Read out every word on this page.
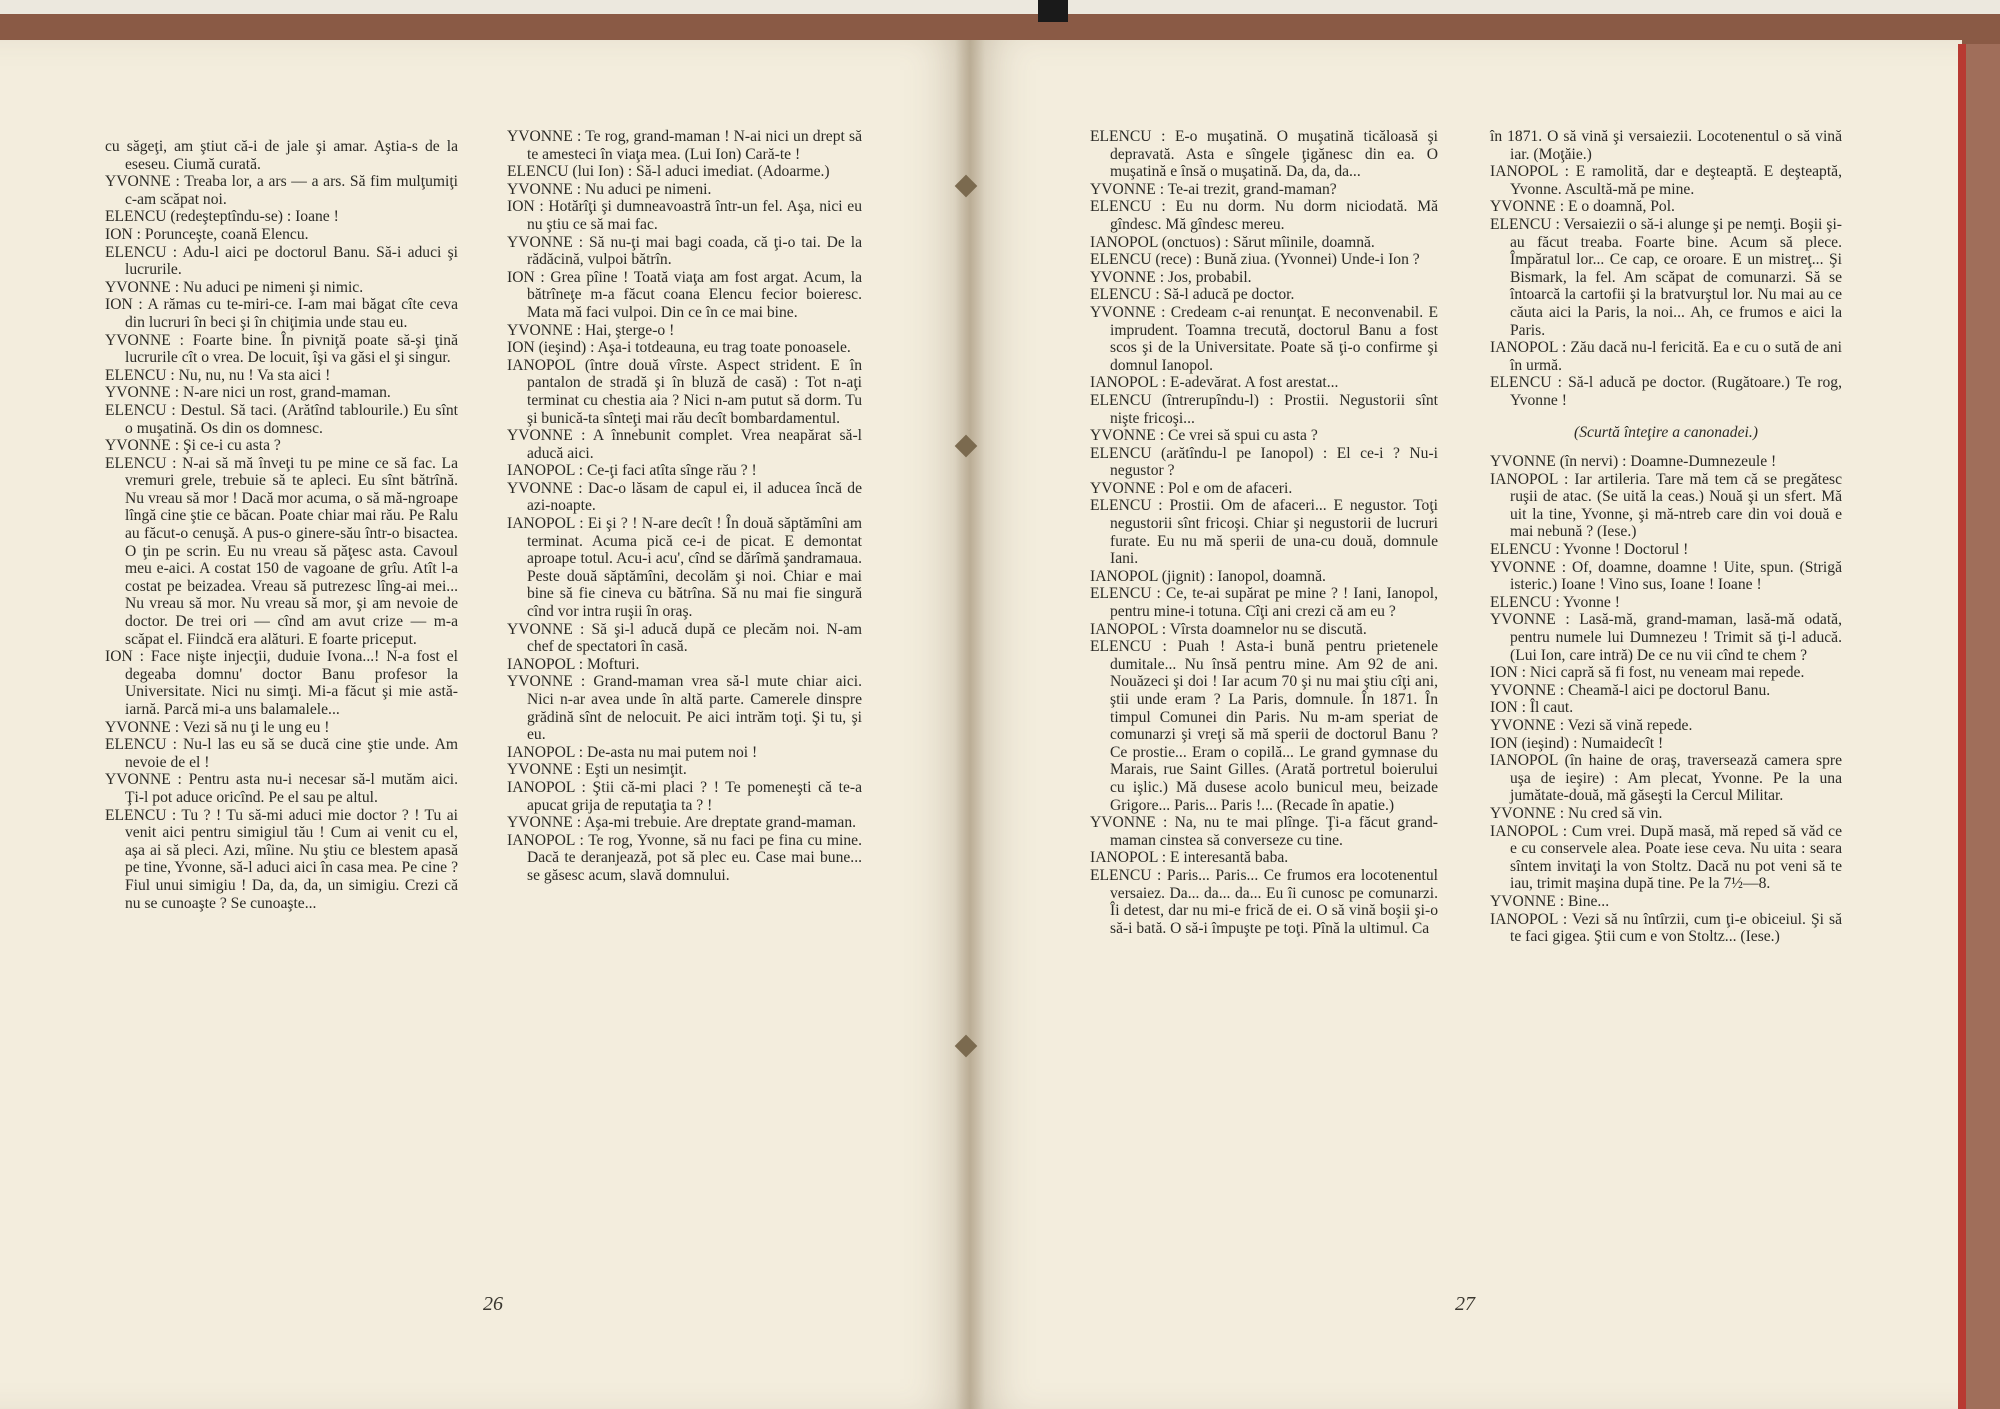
cu săgeţi, am ştiut că-i de jale şi amar. Aştia-s de la eseseu. Ciumă curată.

YVONNE : Treaba lor, a ars — a ars. Să fim mulţumiţi c-am scăpat noi.

ELENCU (redeşteptîndu-se) : Ioane !

ION : Porunceşte, coană Elencu.

ELENCU : Adu-l aici pe doctorul Banu. Să-i aduci şi lucrurile.

YVONNE : Nu aduci pe nimeni şi nimic.

ION : A rămas cu te-miri-ce. I-am mai băgat cîte ceva din lucruri în beci şi în chiţimia unde stau eu.

YVONNE : Foarte bine. În pivniţă poate să-şi ţină lucrurile cît o vrea. De locuit, îşi va găsi el şi singur.

ELENCU : Nu, nu, nu ! Va sta aici !

YVONNE : N-are nici un rost, grand-maman.

ELENCU : Destul. Să taci. (Arătînd tablourile.) Eu sînt o muşatină. Os din os domnesc.

YVONNE : Şi ce-i cu asta ?

ELENCU : N-ai să mă înveţi tu pe mine ce să fac. La vremuri grele, trebuie să te apleci. Eu sînt bătrînă. Nu vreau să mor ! Dacă mor acuma, o să mă-ngroape lîngă cine ştie ce băcan. Poate chiar mai rău. Pe Ralu au făcut-o cenuşă. A pus-o ginere-său într-o bisactea. O ţin pe scrin. Eu nu vreau să păţesc asta. Cavoul meu e-aici. A costat 150 de vagoane de grîu. Atît l-a costat pe beizadea. Vreau să putrezesc lîng-ai mei... Nu vreau să mor. Nu vreau să mor, şi am nevoie de doctor. De trei ori — cînd am avut crize — m-a scăpat el. Fiindcă era alături. E foarte priceput.

ION : Face nişte injecţii, duduie Ivona...! N-a fost el degeaba domnu' doctor Banu profesor la Universitate. Nici nu simţi. Mi-a făcut şi mie astă-iarnă. Parcă mi-a uns balamalele...

YVONNE : Vezi să nu ţi le ung eu !

ELENCU : Nu-l las eu să se ducă cine ştie unde. Am nevoie de el !

YVONNE : Pentru asta nu-i necesar să-l mutăm aici. Ţi-l pot aduce oricînd. Pe el sau pe altul.

ELENCU : Tu ? ! Tu să-mi aduci mie doctor ? ! Tu ai venit aici pentru simigiul tău ! Cum ai venit cu el, aşa ai să pleci. Azi, mîine. Nu ştiu ce blestem apasă pe tine, Yvonne, să-l aduci aici în casa mea. Pe cine ? Fiul unui simigiu ! Da, da, da, un simigiu. Crezi că nu se cunoaşte ? Se cunoaşte...

YVONNE : Te rog, grand-maman ! N-ai nici un drept să te amesteci în viaţa mea. (Lui Ion) Cară-te !

ELENCU (lui Ion) : Să-l aduci imediat. (Adoarme.)

YVONNE : Nu aduci pe nimeni.

ION : Hotărîţi şi dumneavoastră într-un fel. Aşa, nici eu nu ştiu ce să mai fac.

YVONNE : Să nu-ţi mai bagi coada, că ţi-o tai. De la rădăcină, vulpoi bătrîn.

ION : Grea pîine ! Toată viaţa am fost argat. Acum, la bătrîneţe m-a făcut coana Elencu fecior boieresc. Mata mă faci vulpoi. Din ce în ce mai bine.

YVONNE : Hai, şterge-o !

ION (ieşind) : Aşa-i totdeauna, eu trag toate ponoasele.

IANOPOL (între două vîrste. Aspect strident. E în pantalon de stradă şi în bluză de casă) : Tot n-aţi terminat cu chestia aia ? Nici n-am putut să dorm. Tu şi bunică-ta sînteţi mai rău decît bombardamentul.

YVONNE : A înnebunit complet. Vrea neapărat să-l aducă aici.

IANOPOL : Ce-ţi faci atîta sînge rău ? !

YVONNE : Dac-o lăsam de capul ei, il aducea încă de azi-noapte.

IANOPOL : Ei şi ? ! N-are decît ! În două săptămîni am terminat. Acuma pică ce-i de picat. E demontat aproape totul. Acu-i acu', cînd se dărîmă şandramaua. Peste două săptămîni, decolăm şi noi. Chiar e mai bine să fie cineva cu bătrîna. Să nu mai fie singură cînd vor intra ruşii în oraş.

YVONNE : Să şi-l aducă după ce plecăm noi. N-am chef de spectatori în casă.

IANOPOL : Mofturi.

YVONNE : Grand-maman vrea să-l mute chiar aici. Nici n-ar avea unde în altă parte. Camerele dinspre grădină sînt de nelocuit. Pe aici intrăm toţi. Şi tu, şi eu.

IANOPOL : De-asta nu mai putem noi !

YVONNE : Eşti un nesimţit.

IANOPOL : Ştii că-mi placi ? ! Te pomeneşti că te-a apucat grija de reputaţia ta ? !

YVONNE : Aşa-mi trebuie. Are dreptate grand-maman.

IANOPOL : Te rog, Yvonne, să nu faci pe fina cu mine. Dacă te deranjează, pot să plec eu. Case mai bune... se găsesc acum, slavă domnului.

ELENCU : E-o muşatină. O muşatină ticăloasă şi depravată. Asta e sîngele ţigănesc din ea. O muşatină e însă o muşatină. Da, da, da...

YVONNE : Te-ai trezit, grand-maman?

ELENCU : Eu nu dorm. Nu dorm niciodată. Mă gîndesc. Mă gîndesc mereu.

IANOPOL (onctuos) : Sărut mîinile, doamnă.

ELENCU (rece) : Bună ziua. (Yvonnei) Unde-i Ion ?

YVONNE : Jos, probabil.

ELENCU : Să-l aducă pe doctor.

YVONNE : Credeam c-ai renunţat. E neconvenabil. E imprudent. Toamna trecută, doctorul Banu a fost scos şi de la Universitate. Poate să ţi-o confirme şi domnul Ianopol.

IANOPOL : E-adevărat. A fost arestat...

ELENCU (întrerupîndu-l) : Prostii. Negustorii sînt nişte fricoşi...

YVONNE : Ce vrei să spui cu asta ?

ELENCU (arătîndu-l pe Ianopol) : El ce-i ? Nu-i negustor ?

YVONNE : Pol e om de afaceri.

ELENCU : Prostii. Om de afaceri... E negustor. Toţi negustorii sînt fricoşi. Chiar şi negustorii de lucruri furate. Eu nu mă sperii de una-cu două, domnule Iani.

IANOPOL (jignit) : Ianopol, doamnă.

ELENCU : Ce, te-ai supărat pe mine ? ! Iani, Ianopol, pentru mine-i totuna. Cîţi ani crezi că am eu ?

IANOPOL : Vîrsta doamnelor nu se discută.

ELENCU : Puah ! Asta-i bună pentru prietenele dumitale... Nu însă pentru mine. Am 92 de ani. Nouăzeci şi doi ! Iar acum 70 şi nu mai ştiu cîţi ani, ştii unde eram ? La Paris, domnule. În 1871. În timpul Comunei din Paris. Nu m-am speriat de comunarzi şi vreţi să mă sperii de doctorul Banu ? Ce prostie... Eram o copilă... Le grand gymnase du Marais, rue Saint Gilles. (Arată portretul boierului cu işlic.) Mă dusese acolo bunicul meu, beizade Grigore... Paris... Paris !... (Recade în apatie.)

YVONNE : Na, nu te mai plînge. Ţi-a făcut grand-maman cinstea să converseze cu tine.

IANOPOL : E interesantă baba.

ELENCU : Paris... Paris... Ce frumos era locotenentul versaiez. Da... da... da... Eu îi cunosc pe comunarzi. Îi detest, dar nu mi-e frică de ei. O să vină boşii şi-o să-i bată. O să-i împuşte pe toţi. Pînă la ultimul. Ca

în 1871. O să vină şi versaiezii. Locotenentul o să vină iar. (Moţăie.)

IANOPOL : E ramolită, dar e deşteaptă. E deşteaptă, Yvonne. Ascultă-mă pe mine.

YVONNE : E o doamnă, Pol.

ELENCU : Versaiezii o să-i alunge şi pe nemţi. Boşii şi-au făcut treaba. Foarte bine. Acum să plece. Împăratul lor... Ce cap, ce oroare. E un mistreţ... Şi Bismark, la fel. Am scăpat de comunarzi. Să se întoarcă la cartofii şi la bratvurştul lor. Nu mai au ce căuta aici la Paris, la noi... Ah, ce frumos e aici la Paris.

IANOPOL : Zău dacă nu-l fericită. Ea e cu o sută de ani în urmă.

ELENCU : Să-l aducă pe doctor. (Rugătoare.) Te rog, Yvonne !

(Scurtă înteţire a canonadei.)

YVONNE (în nervi) : Doamne-Dumnezeule !

IANOPOL : Iar artileria. Tare mă tem că se pregătesc ruşii de atac. (Se uită la ceas.) Nouă şi un sfert. Mă uit la tine, Yvonne, şi mă-ntreb care din voi două e mai nebună ? (Iese.)

ELENCU : Yvonne ! Doctorul !

YVONNE : Of, doamne, doamne ! Uite, spun. (Strigă isteric.) Ioane ! Vino sus, Ioane ! Ioane !

ELENCU : Yvonne !

YVONNE : Lasă-mă, grand-maman, lasă-mă odată, pentru numele lui Dumnezeu ! Trimit să ţi-l aducă. (Lui Ion, care intră) De ce nu vii cînd te chem ?

ION : Nici capră să fi fost, nu veneam mai repede.

YVONNE : Cheamă-l aici pe doctorul Banu.

ION : Îl caut.

YVONNE : Vezi să vină repede.

ION (ieşind) : Numaidecît !

IANOPOL (în haine de oraş, traversează camera spre uşa de ieşire) : Am plecat, Yvonne. Pe la una jumătate-două, mă găseşti la Cercul Militar.

YVONNE : Nu cred să vin.

IANOPOL : Cum vrei. După masă, mă reped să văd ce e cu conservele alea. Poate iese ceva. Nu uita : seara sîntem invitaţi la von Stoltz. Dacă nu pot veni să te iau, trimit maşina după tine. Pe la 7½—8.

YVONNE : Bine...

IANOPOL : Vezi să nu întîrzii, cum ţi-e obiceiul. Şi să te faci gigea. Ştii cum e von Stoltz... (Iese.)

26	27
